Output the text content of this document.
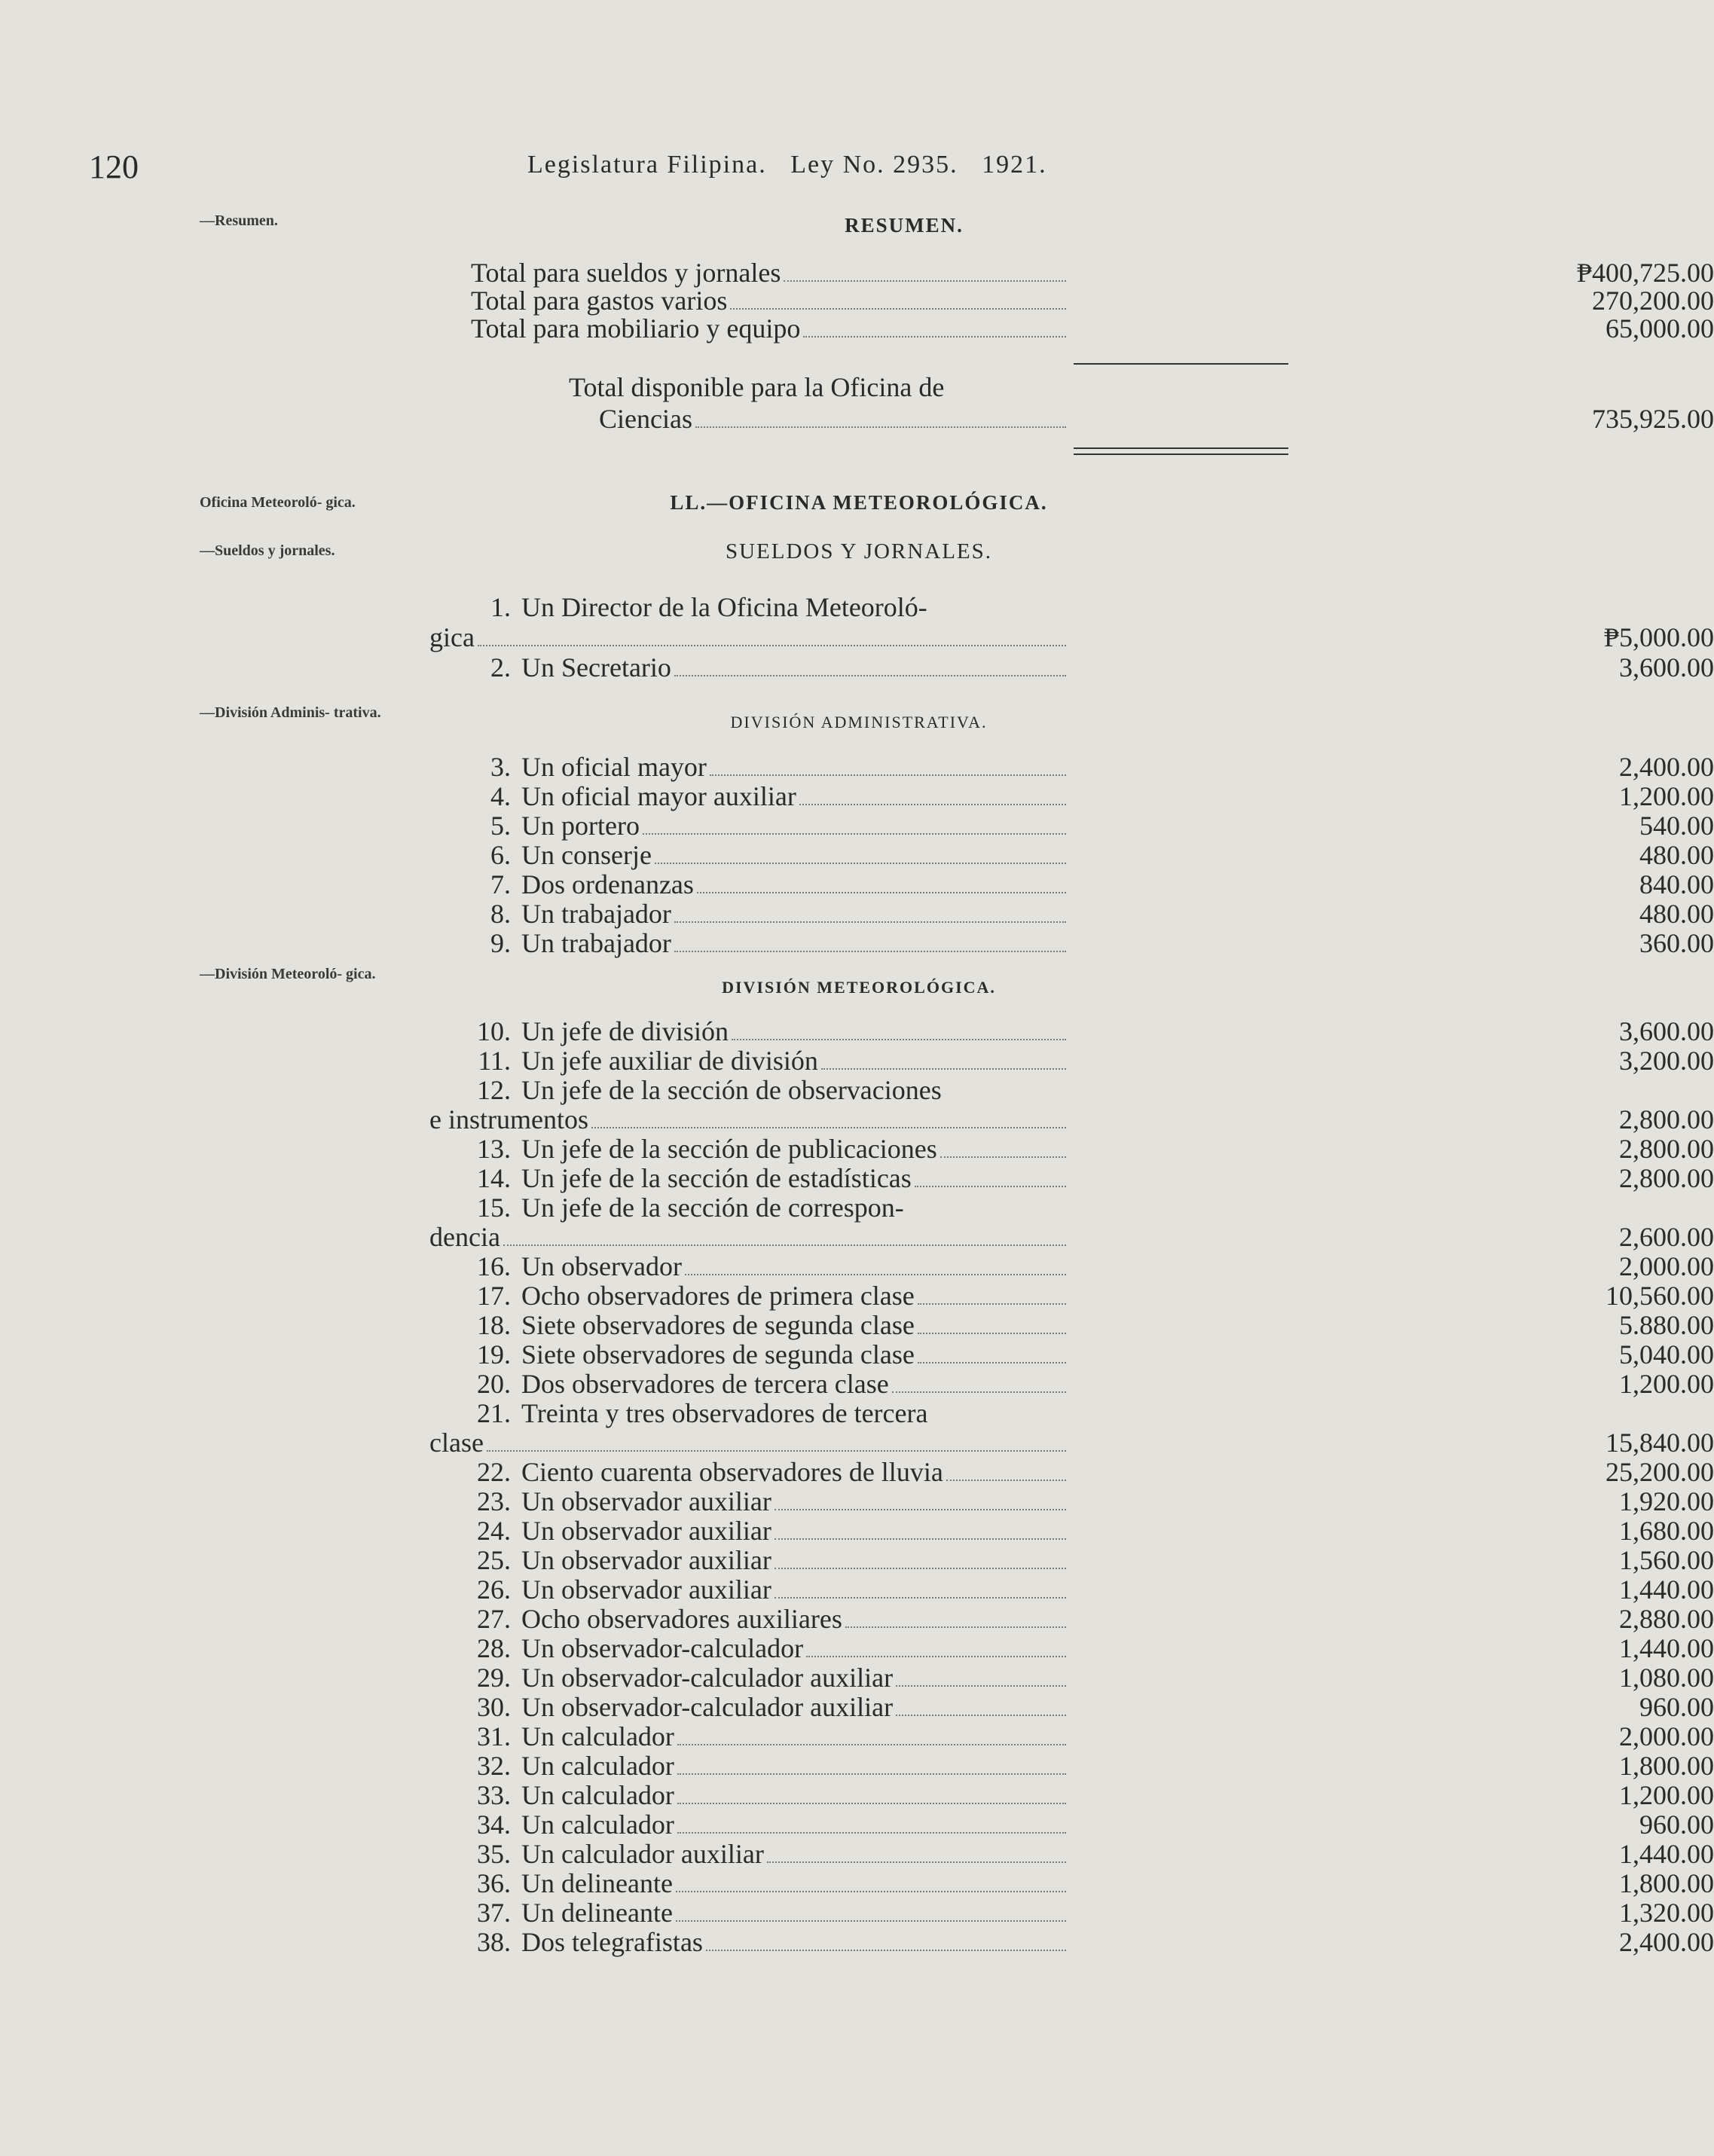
120	Legislatura Filipina. Ley No. 2935. 1921.
—Resumen.
Oficina Meteoroló- gica.
—Sueldos y jornales.
—División Adminis- trativa.
—División Meteoroló- gica.
RESUMEN.
Total para sueldos y jornales	₱400,725.00
Total para gastos varios	270,200.00
Total para mobiliario y equipo	65,000.00
Total disponible para la Oficina de
Ciencias	735,925.00
LL.—OFICINA METEOROLÓGICA.
SUELDOS Y JORNALES.
1. Un Director de la Oficina Meteoroló-
gica	₱5,000.00
2. Un Secretario	3,600.00
DIVISIÓN ADMINISTRATIVA.
3. Un oficial mayor	2,400.00
4. Un oficial mayor auxiliar	1,200.00
5. Un portero	540.00
6. Un conserje	480.00
7. Dos ordenanzas	840.00
8. Un trabajador	480.00
9. Un trabajador	360.00
DIVISIÓN METEOROLÓGICA.
10. Un jefe de división	3,600.00
11. Un jefe auxiliar de división	3,200.00
12. Un jefe de la sección de observaciones
e instrumentos	2,800.00
13. Un jefe de la sección de publicaciones	2,800.00
14. Un jefe de la sección de estadísticas	2,800.00
15. Un jefe de la sección de correspon-
dencia	2,600.00
16. Un observador	2,000.00
17. Ocho observadores de primera clase	10,560.00
18. Siete observadores de segunda clase	5.880.00
19. Siete observadores de segunda clase	5,040.00
20. Dos observadores de tercera clase	1,200.00
21. Treinta y tres observadores de tercera
clase	15,840.00
22. Ciento cuarenta observadores de lluvia	25,200.00
23. Un observador auxiliar	1,920.00
24. Un observador auxiliar	1,680.00
25. Un observador auxiliar	1,560.00
26. Un observador auxiliar	1,440.00
27. Ocho observadores auxiliares	2,880.00
28. Un observador-calculador	1,440.00
29. Un observador-calculador auxiliar	1,080.00
30. Un observador-calculador auxiliar	960.00
31. Un calculador	2,000.00
32. Un calculador	1,800.00
33. Un calculador	1,200.00
34. Un calculador	960.00
35. Un calculador auxiliar	1,440.00
36. Un delineante	1,800.00
37. Un delineante	1,320.00
38. Dos telegrafistas	2,400.00
